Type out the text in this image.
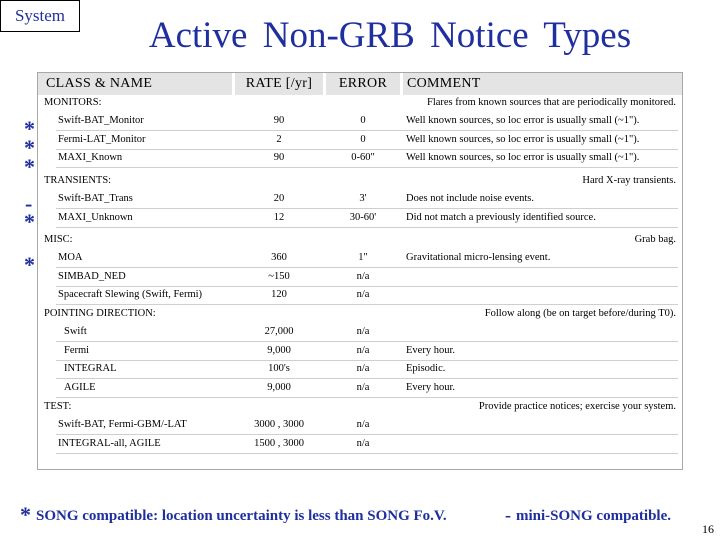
System	Active Non-GRB Notice Types
CLASS & NAME	RATE [/yr]	ERROR	COMMENT
MONITORS:	Flares from known sources that are periodically monitored.
Swift-BAT_Monitor	90	0	Well known sources, so loc error is usually small (~1").
Fermi-LAT_Monitor	2	0	Well known sources, so loc error is usually small (~1").
MAXI_Known	90	0-60"	Well known sources, so loc error is usually small (~1").
TRANSIENTS:	Hard X-ray transients.
Swift-BAT_Trans	20	3'	Does not include noise events.
MAXI_Unknown	12	30-60'	Did not match a previously identified source.
MISC:	Grab bag.
MOA	360	1"	Gravitational micro-lensing event.
SIMBAD_NED	~150	n/a
Spacecraft Slewing (Swift, Fermi)	120	n/a
POINTING DIRECTION:	Follow along (be on target before/during T0).
Swift	27,000	n/a
Fermi	9,000	n/a	Every hour.
INTEGRAL	100's	n/a	Episodic.
AGILE	9,000	n/a	Every hour.
TEST:	Provide practice notices; exercise your system.
Swift-BAT, Fermi-GBM/-LAT	3000 , 3000	n/a
INTEGRAL-all, AGILE	1500 , 3000	n/a
*
*
*
-
*
*
* SONG compatible: location uncertainty is less than SONG Fo.V.	- mini-SONG compatible.
16
